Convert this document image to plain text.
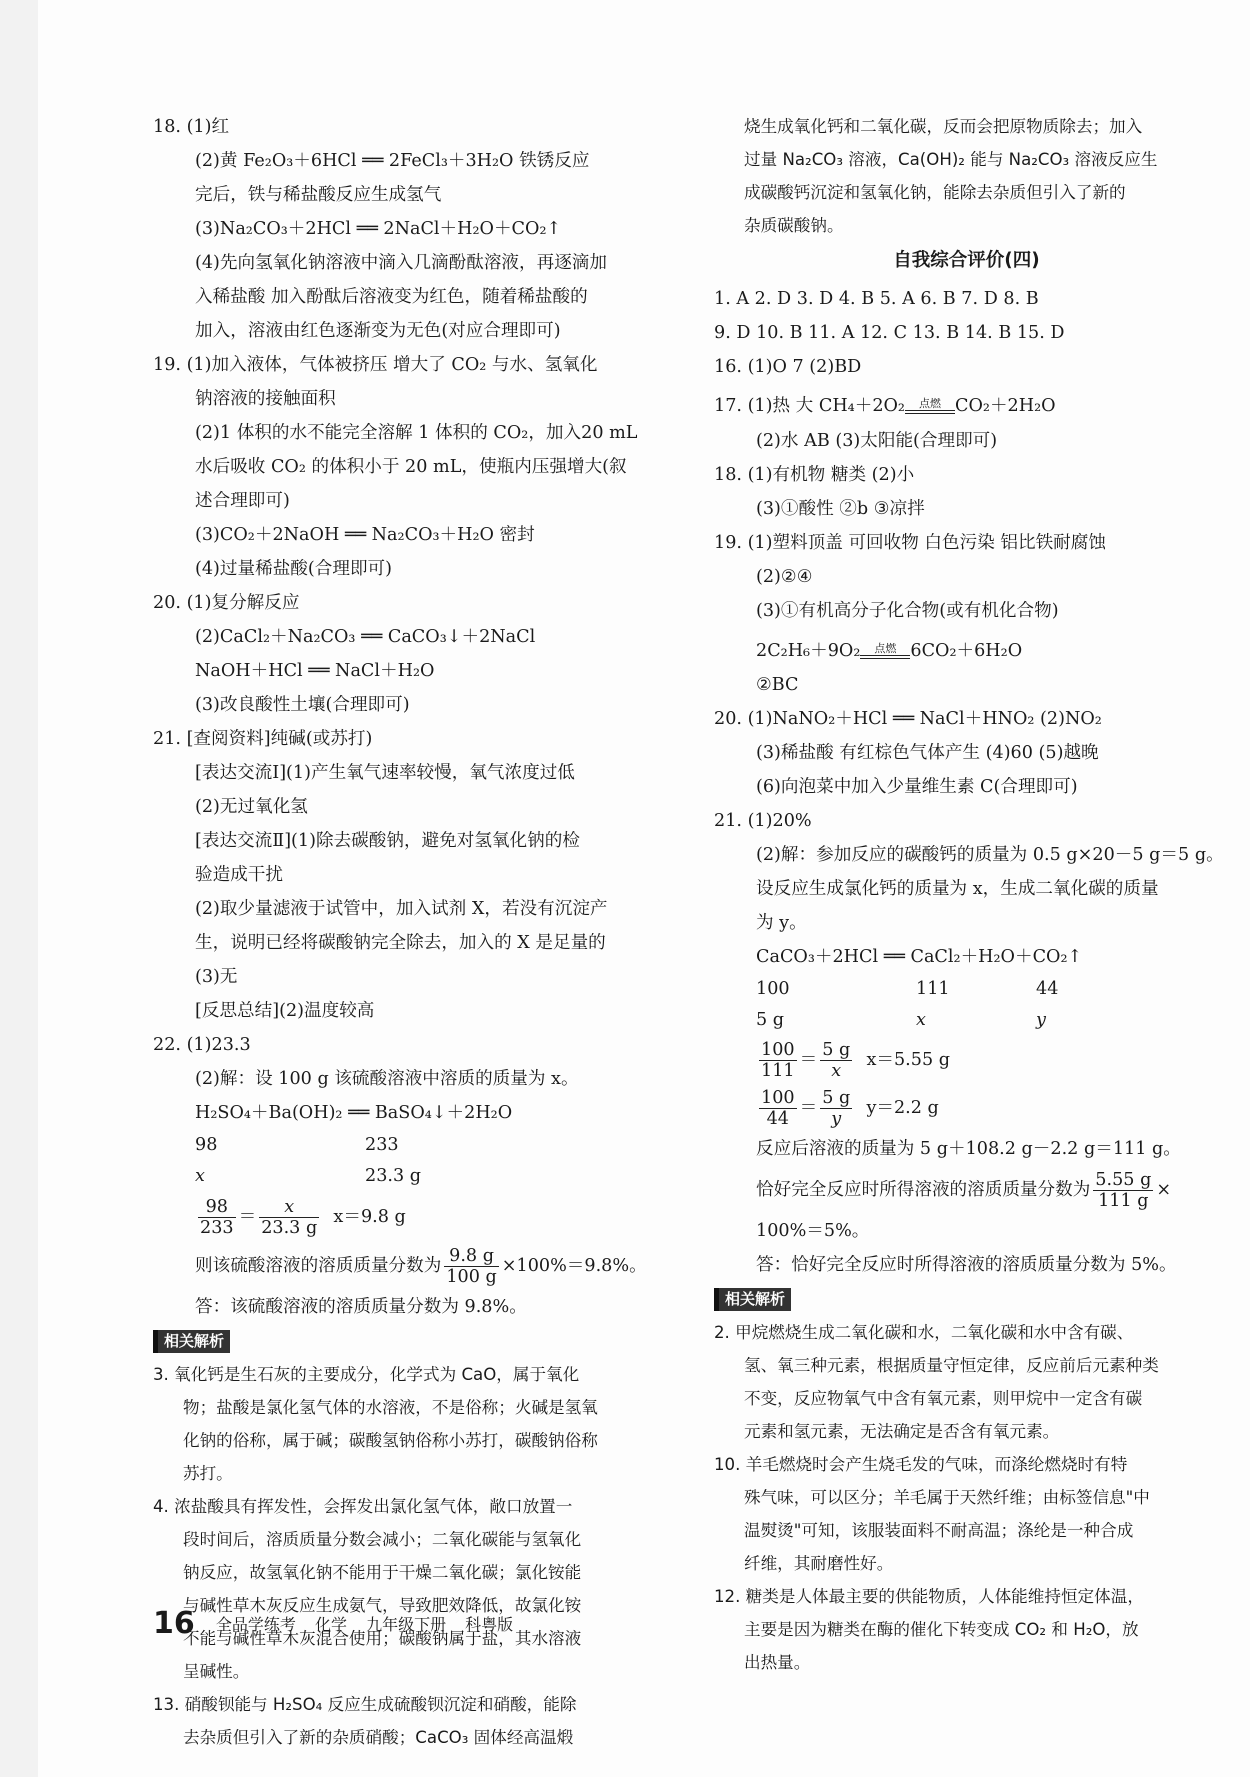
18. (1)红
(2)黄 Fe₂O₃＋6HCl ══ 2FeCl₃＋3H₂O 铁锈反应
完后，铁与稀盐酸反应生成氢气
(3)Na₂CO₃＋2HCl ══ 2NaCl＋H₂O＋CO₂↑
(4)先向氢氧化钠溶液中滴入几滴酚酞溶液，再逐滴加
入稀盐酸 加入酚酞后溶液变为红色，随着稀盐酸的
加入，溶液由红色逐渐变为无色(对应合理即可)
19. (1)加入液体，气体被挤压 增大了 CO₂ 与水、氢氧化
钠溶液的接触面积
(2)1 体积的水不能完全溶解 1 体积的 CO₂，加入20 mL
水后吸收 CO₂ 的体积小于 20 mL，使瓶内压强增大(叙
述合理即可)
(3)CO₂＋2NaOH ══ Na₂CO₃＋H₂O 密封
(4)过量稀盐酸(合理即可)
20. (1)复分解反应
(2)CaCl₂＋Na₂CO₃ ══ CaCO₃↓＋2NaCl
NaOH＋HCl ══ NaCl＋H₂O
(3)改良酸性土壤(合理即可)
21. [查阅资料]纯碱(或苏打)
[表达交流Ⅰ](1)产生氧气速率较慢，氧气浓度过低
(2)无过氧化氢
[表达交流Ⅱ](1)除去碳酸钠，避免对氢氧化钠的检
验造成干扰
(2)取少量滤液于试管中，加入试剂 X，若没有沉淀产
生，说明已经将碳酸钠完全除去，加入的 X 是足量的
(3)无
[反思总结](2)温度较高
22. (1)23.3
(2)解：设 100 g 该硫酸溶液中溶质的质量为 x。
H₂SO₄＋Ba(OH)₂ ══ BaSO₄↓＋2H₂O
98	233
x	23.3 g
$\frac{98}{233} = \frac{x}{23.3 g} x=9.8$ g
则该硫酸溶液的溶质质量分数为 $\frac{9.8 g}{100 g} \times 100\%=9.8\%$。
答：该硫酸溶液的溶质质量分数为 9.8%。
相关解析
3. 氧化钙是生石灰的主要成分，化学式为 CaO，属于氧化
物；盐酸是氯化氢气体的水溶液，不是俗称；火碱是氢氧
化钠的俗称，属于碱；碳酸氢钠俗称小苏打，碳酸钠俗称
苏打。
4. 浓盐酸具有挥发性，会挥发出氯化氢气体，敞口放置一
段时间后，溶质质量分数会减小；二氧化碳能与氢氧化
钠反应，故氢氧化钠不能用于干燥二氧化碳；氯化铵能
与碱性草木灰反应生成氨气，导致肥效降低，故氯化铵
不能与碱性草木灰混合使用；碳酸钠属于盐，其水溶液
呈碱性。
13. 硝酸钡能与 H₂SO₄ 反应生成硫酸钡沉淀和硝酸，能除
去杂质但引入了新的杂质硝酸；CaCO₃ 固体经高温煅
烧生成氧化钙和二氧化碳，反而会把原物质除去；加入
过量 Na₂CO₃ 溶液，Ca(OH)₂ 能与 Na₂CO₃ 溶液反应生
成碳酸钙沉淀和氢氧化钠，能除去杂质但引入了新的
杂质碳酸钠。
自我综合评价(四)
1. A 2. D 3. D 4. B 5. A 6. B 7. D 8. B
9. D 10. B 11. A 12. C 13. B 14. B 15. D
16. (1)O 7 (2)BD
17. (1)热 大 CH₄＋2O₂	点燃 CO₂＋2H₂O
(2)水 AB (3)太阳能(合理即可)
18. (1)有机物 糖类 (2)小
(3)①酸性 ②b ③凉拌
19. (1)塑料顶盖 可回收物 白色污染 铝比铁耐腐蚀
(2)②④
(3)①有机高分子化合物(或有机化合物)
2C₂H₆＋9O₂	点燃 6CO₂＋6H₂O
②BC
20. (1)NaNO₂＋HCl ══ NaCl＋HNO₂ (2)NO₂
(3)稀盐酸 有红棕色气体产生 (4)60 (5)越晚
(6)向泡菜中加入少量维生素 C(合理即可)
21. (1)20%
(2)解：参加反应的碳酸钙的质量为 0.5 g×20－5 g＝5 g。
设反应生成氯化钙的质量为 x，生成二氧化碳的质量
为 y。
CaCO₃＋2HCl ══ CaCl₂＋H₂O＋CO₂↑
100	111	44
5 g	x	y
$\frac{100}{111} = \frac{5 g}{x} x=5.55$ g
$\frac{100}{44} = \frac{5 g}{y} y=2.2$ g
反应后溶液的质量为 5 g＋108.2 g－2.2 g＝111 g。
恰好完全反应时所得溶液的溶质质量分数为 $\frac{5.55 g}{111 g}$ ×
100%＝5%。
答：恰好完全反应时所得溶液的溶质质量分数为 5%。
相关解析
2. 甲烷燃烧生成二氧化碳和水，二氧化碳和水中含有碳、
氢、氧三种元素，根据质量守恒定律，反应前后元素种类
不变，反应物氧气中含有氧元素，则甲烷中一定含有碳
元素和氢元素，无法确定是否含有氧元素。
10. 羊毛燃烧时会产生烧毛发的气味，而涤纶燃烧时有特
殊气味，可以区分；羊毛属于天然纤维；由标签信息"中
温熨烫"可知，该服装面料不耐高温；涤纶是一种合成
纤维，其耐磨性好。
12. 糖类是人体最主要的供能物质，人体能维持恒定体温，
主要是因为糖类在酶的催化下转变成 CO₂ 和 H₂O，放
出热量。
16 全品学练考 化学 九年级下册 科粤版
